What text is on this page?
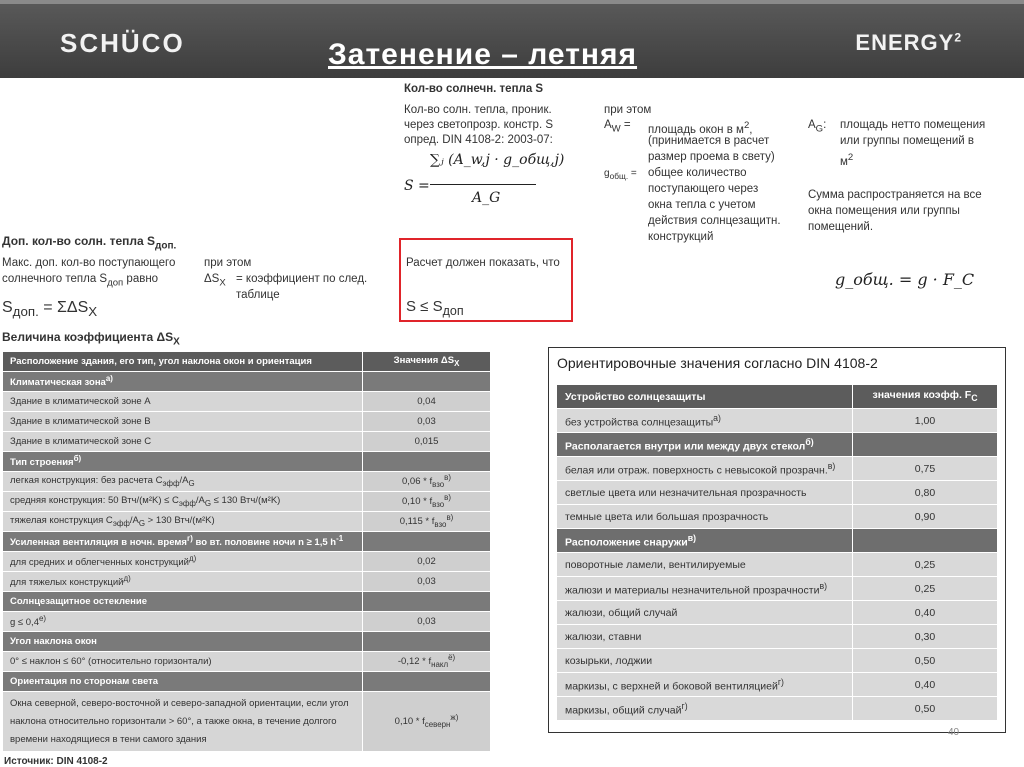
SCHÜCO	Затенение – летняя	ENERGY$^2$
Кол-во солнечн. тепла S
Кол-во солн. тепла, проник.
через светопрозр. констр. S
опред. DIN 4108-2: 2003-07:
S =
∑ⱼ (A_w,j · g_общ,j)
A_G
при этом
$A_W$ = площадь окон в $м^2$,
(принимается в расчет
размер проема в свету)
$g_{общ.}$ = общее количество
поступающего через
окна тепла с учетом
действия солнцезащитн.
конструкций
$A_G$: площадь нетто помещения
или группы помещений в
$м^2$
Сумма распространяется на все
окна помещения или группы
помещений.
g_общ. = g · F_C
Доп. кол-во солн. тепла $S_{доп.}$
Макс. доп. кол-во поступающего
солнечного тепла $S_{доп}$ равно
при этом
$\Delta S_X$ = коэффициент по след.
таблице
$S_{доп.} = \Sigma\Delta S_X$
Расчет должен показать, что
$S \le S_{доп}$
Величина коэффициента $\Delta S_X$
Расположение здания, его тип, угол наклона окон и ориентация	Значения $\Delta S_X$
Климатическая зона$^{а)}$	
Здание в климатической зоне A	0,04
Здание в климатической зоне B	0,03
Здание в климатической зоне C	0,015
Тип строения$^{б)}$	
легкая конструкция: без расчета $C_{эфф}/A_G$	$0,06 * f_{взо}^{в)}$
средняя конструкция: 50 $Втч/(м^2K) \le C_{эфф}/A_G \le 130$ Втч/(м²K)	$0,10 * f_{взо}^{в)}$
тяжелая конструкция $C_{эфф}/A_G > 130$ Втч/(м²K)	$0,115 * f_{взо}^{в)}$
Усиленная вентиляция в ночн. время$^{г)}$ во вт. половине ночи n ≥ 1,5 $h^{-1}$	
для средних и облегченных конструкций$^{д)}$	0,02
для тяжелых конструкций$^{д)}$	0,03
Солнцезащитное остекление	
$g \le 0,4^{е)}$	0,03
Угол наклона окон	
0° ≤ наклон ≤ 60° (относительно горизонтали)	$-0,12 * f_{накл}^{ё)}$
Ориентация по сторонам света	
Окна северной, северо-восточной и северо-западной ориентации, если угол наклона относительно горизонтали > 60°, а также окна, в течение долгого времени находящиеся в тени самого здания	$0,10 * f_{северн}^{ж)}$
Источник: DIN 4108-2
Ориентировочные значения согласно DIN 4108-2
Устройство солнцезащиты	значения коэфф. $F_C$
без устройства солнцезащиты$^{а)}$	1,00
Располагается внутри или между двух стекол$^{б)}$	
белая или отраж. поверхность с невысокой прозрачн.$^{в)}$	0,75
светлые цвета или незначительная прозрачность	0,80
темные цвета или большая прозрачность	0,90
Расположение снаружи$^{в)}$	
поворотные ламели, вентилируемые	0,25
жалюзи и материалы незначительной прозрачности$^{в)}$	0,25
жалюзи, общий случай	0,40
жалюзи, ставни	0,30
козырьки, лоджии	0,50
маркизы, с верхней и боковой вентиляцией$^{г)}$	0,40
маркизы, общий случай$^{г)}$	0,50
40
